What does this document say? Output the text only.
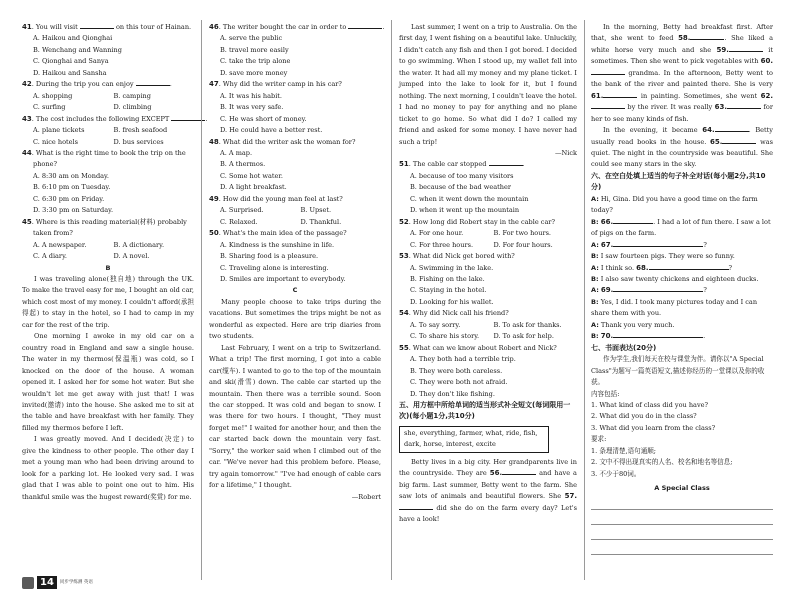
41. You will visit	on this tour of Hainan.
A. Haikou and Qionghai
B. Wenchang and Wanning
C. Qionghai and Sanya
D. Haikou and Sansha
42. During the trip you can enjoy	.
A. shopping	B. camping
C. surfing	D. climbing
43. The cost includes the following EXCEPT	.
A. plane tickets	B. fresh seafood
C. nice hotels	D. bus services
44. What is the right time to book the trip on the
phone?
A. 8:30 am on Monday.
B. 6:10 pm on Tuesday.
C. 6:30 pm on Friday.
D. 3:30 pm on Saturday.
45. Where is this reading material(材料) probably
taken from?
A. A newspaper.	B. A dictionary.
C. A diary.	D. A novel.
B
I was traveling alone(独自地) through the UK. To make the travel easy for me, I bought an old car, which cost most of my money. I couldn't afford(承担得起) to stay in the hotel, so I had to camp in my car for the rest of the trip.
One morning I awoke in my old car on a country road in England and saw a single house. The water in my thermos(保温瓶) was cold, so I knocked on the door of the house. A woman opened it. I asked her for some hot water. But she wouldn't let me get away with just that! I was invited(邀请) into the house. She asked me to sit at the table and have breakfast with her family. They filled my thermos before I left.
I was greatly moved. And I decided(决定) to give the kindness to other people. The other day I met a young man who had been driving around to look for a parking lot. He looked very sad. I was glad that I was able to point one out to him. His thankful smile was the hugest reward(奖赏) for me.
46. The writer bought the car in order to	.
A. serve the public
B. travel more easily
C. take the trip alone
D. save more money
47. Why did the writer camp in his car?
A. It was his habit.
B. It was very safe.
C. He was short of money.
D. He could have a better rest.
48. What did the writer ask the woman for?
A. A map.
B. A thermos.
C. Some hot water.
D. A light breakfast.
49. How did the young man feel at last?
A. Surprised.	B. Upset.
C. Relaxed.	D. Thankful.
50. What's the main idea of the passage?
A. Kindness is the sunshine in life.
B. Sharing food is a pleasure.
C. Traveling alone is interesting.
D. Smiles are important to everybody.
C
Many people choose to take trips during the vacations. But sometimes the trips might be not as wonderful as expected. Here are trip diaries from two students.
Last February, I went on a trip to Switzerland. What a trip! The first morning, I got into a cable car(缆车). I wanted to go to the top of the mountain and ski(滑雪) down. The cable car started up the mountain. Then there was a terrible sound. Soon the car stopped. It was cold and began to snow. I was there for two hours. I thought, "They must forget me!" I waited for another hour, and then the car started back down the mountain very fast. "Sorry," the worker said when I climbed out of the car. "We've never had this problem before. Please, try again tomorrow." "I've had enough of cable cars for a lifetime," I thought.
—Robert
Last summer, I went on a trip to Australia. On the first day, I went fishing on a beautiful lake. Unluckily, I didn't catch any fish and then I got bored. I decided to go swimming. When I stood up, my wallet fell into the water. It had all my money and my plane ticket. I jumped into the lake to look for it, but I found nothing. The next morning, I couldn't leave the hotel. I had no money to pay for anything and no plane ticket to go home. So what did I do? I called my friend and asked for some money. I have never had such a trip!
—Nick
51. The cable car stopped	.
A. because of too many visitors
B. because of the bad weather
C. when it went down the mountain
D. when it went up the mountain
52. How long did Robert stay in the cable car?
A. For one hour.	B. For two hours.
C. For three hours.	D. For four hours.
53. What did Nick get bored with?
A. Swimming in the lake.
B. Fishing on the lake.
C. Staying in the hotel.
D. Looking for his wallet.
54. Why did Nick call his friend?
A. To say sorry.	B. To ask for thanks.
C. To share his story.	D. To ask for help.
55. What can we know about Robert and Nick?
A. They both had a terrible trip.
B. They were both careless.
C. They were both not afraid.
D. They don't like fishing.
五、用方框中所给单词的适当形式补全短文(每词限用一次)(每小题1分,共10分)
she, everything, farmer, what, ride, fish, dark, horse, interest, excite
Betty lives in a big city. Her grandparents live in the countryside. They are 56.	and have a big farm. Last summer, Betty went to the farm. She saw lots of animals and beautiful flowers. She 57. did she do on the farm every day? Let's have a look!
In the morning, Betty had breakfast first. After that, she went to feed 58.	. She liked a white horse very much and she 59.	it sometimes. Then she went to pick vegetables with 60. grandma. In the afternoon, Betty went to the bank of the river and painted there. She is very 61.	in painting. Sometimes, she went 62. by the river. It was really 63.	for her to see many kinds of fish.
In the evening, it became 64.	. Betty usually read books in the house. 65.	was quiet. The night in the countryside was beautiful. She could see many stars in the sky.
六、在空白处填上适当的句子补全对话(每小题2分,共10分)
A: Hi, Gina. Did you have a good time on the farm today?
B: 66.	. I had a lot of fun there. I saw a lot of pigs on the farm.
A: 67.	?
B: I saw fourteen pigs. They were so funny.
A: I think so. 68.	?
B: I also saw twenty chickens and eighteen ducks.
A: 69.	?
B: Yes, I did. I took many pictures today and I can share them with you.
A: Thank you very much.
B: 70.	.
七、书面表达(20分)
作为学生,我们每天在校与课堂为伴。请你以"A Special Class"为题写一篇英语短文,描述你经历的一堂课以及你的收获。
内容包括:
1. What kind of class did you have?
2. What did you do in the class?
3. What did you learn from the class?
要求:
1. 条理清楚,语句通顺;
2. 文中不得出现真实的人名、校名和地名等信息;
3. 不少于80词。
A Special Class
14	同步学练测 英语
